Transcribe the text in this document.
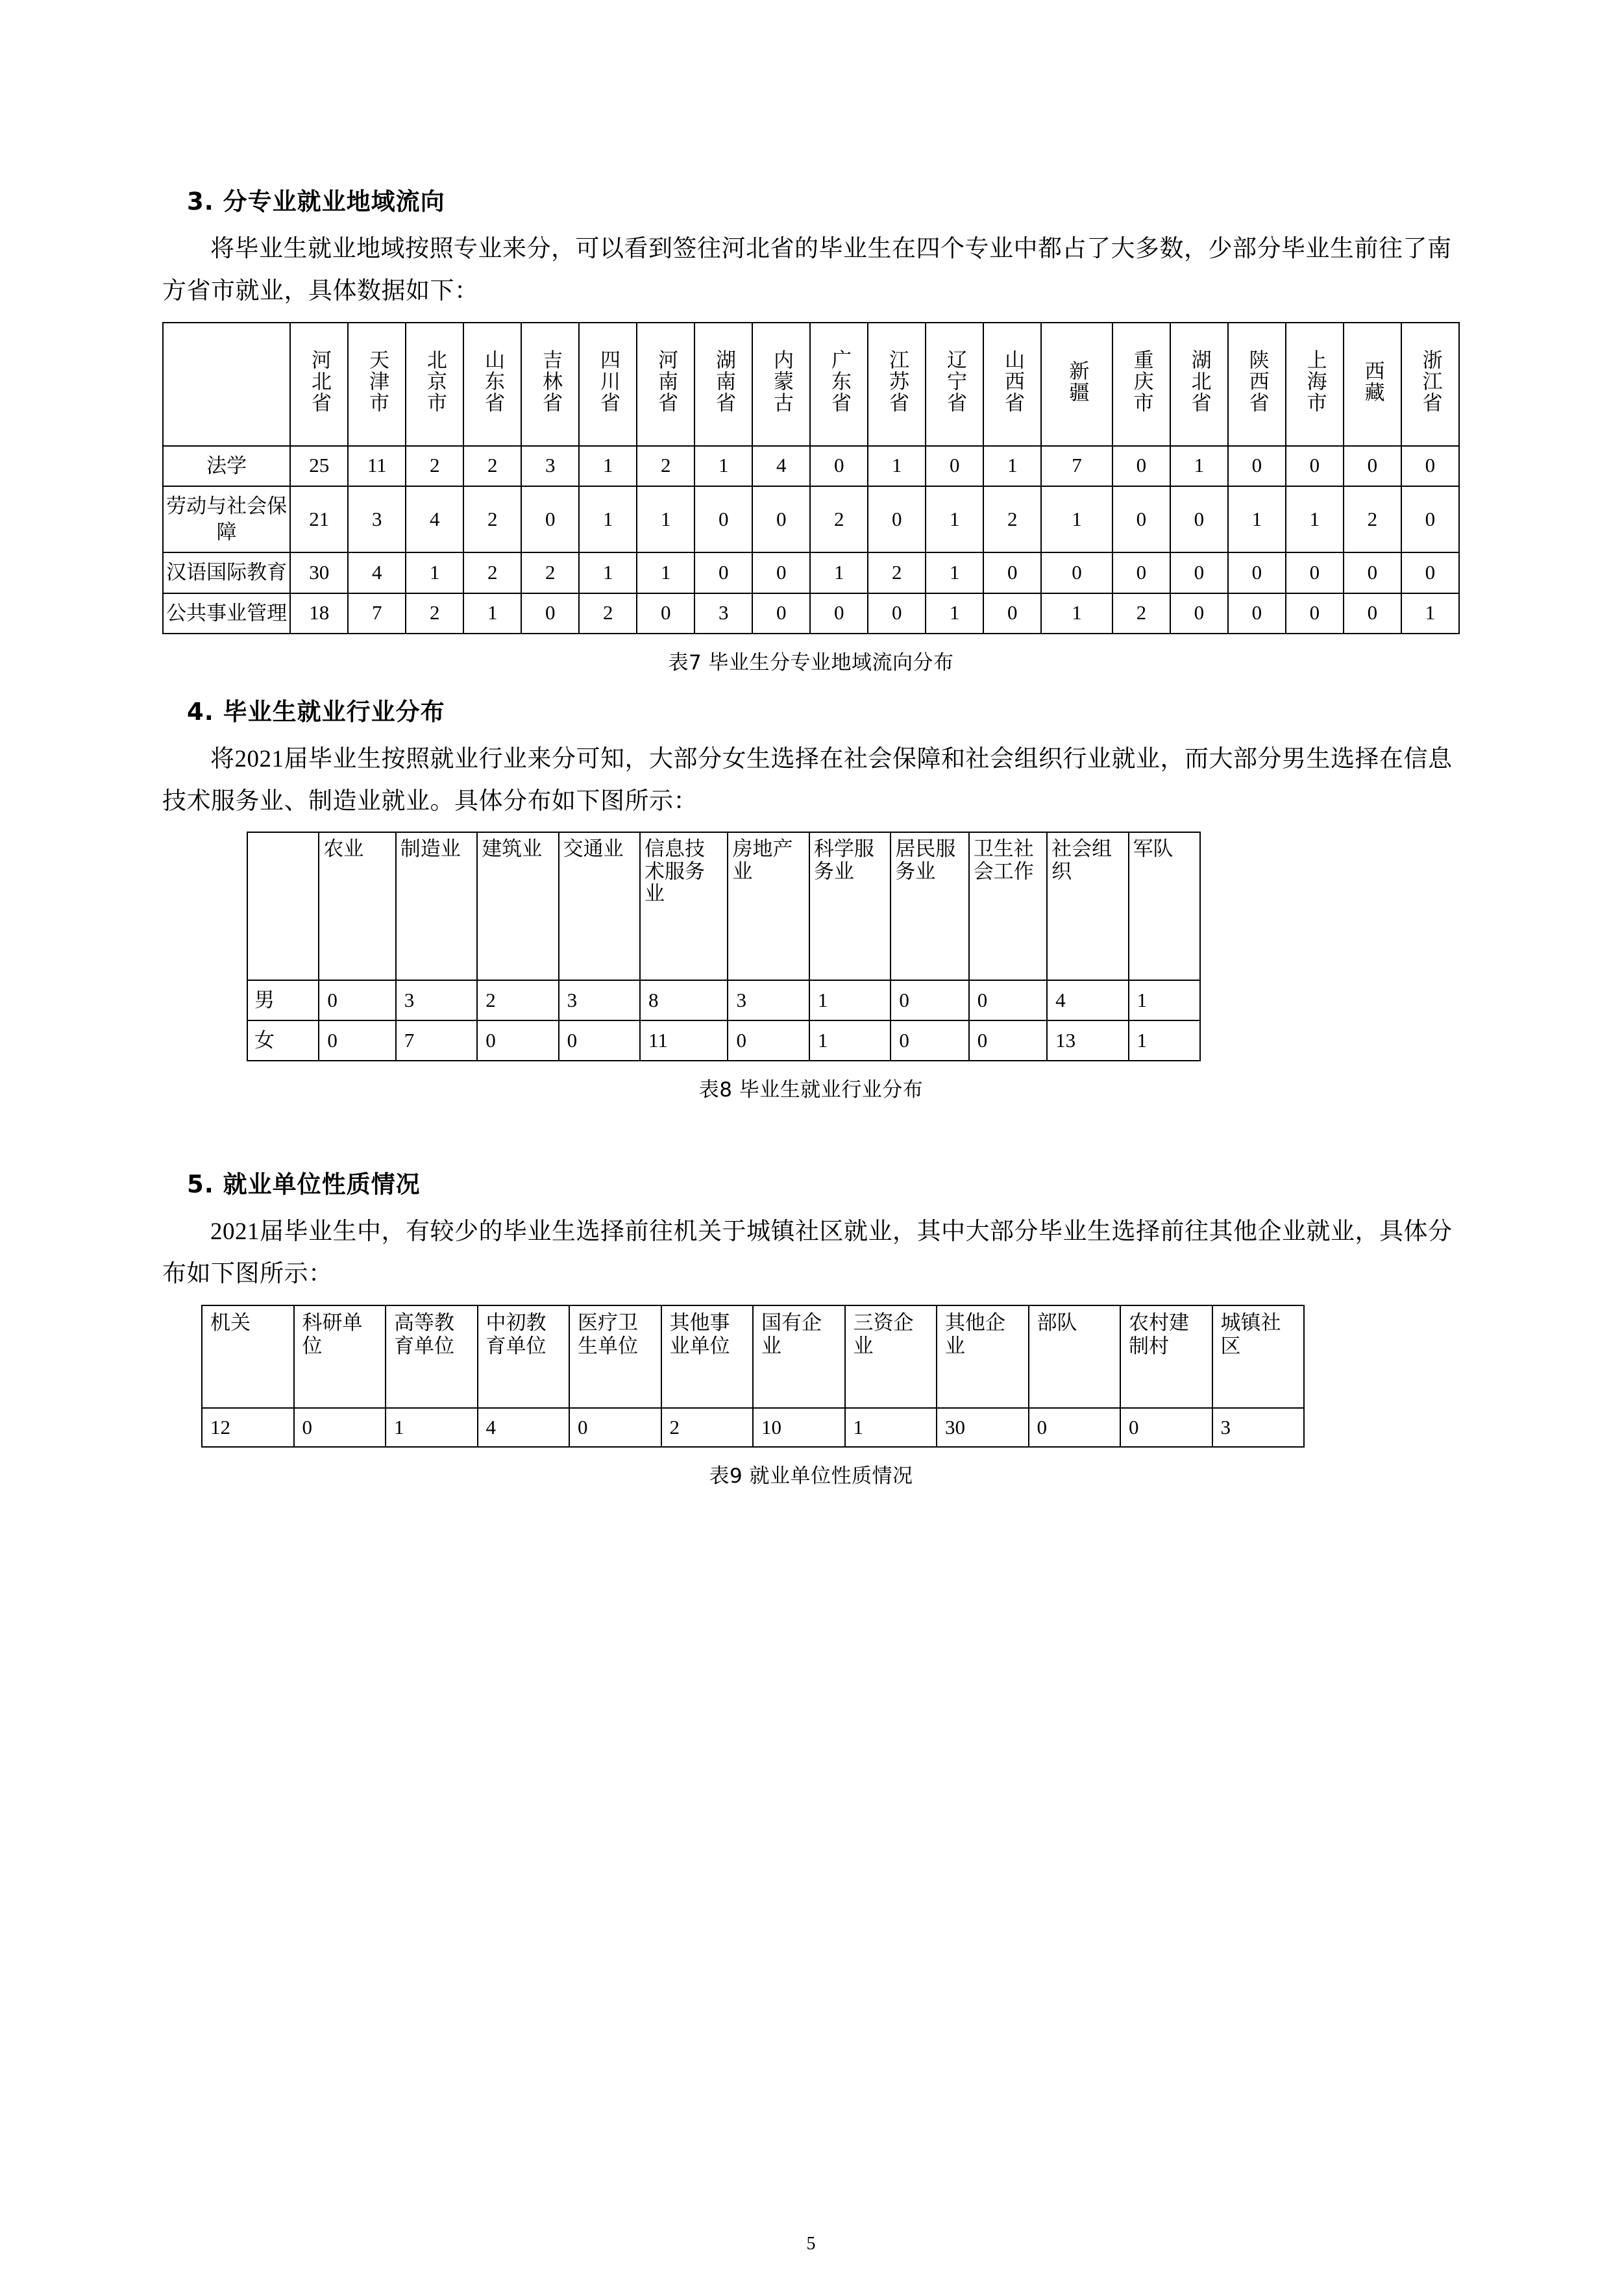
3. 分专业就业地域流向

将毕业生就业地域按照专业来分，可以看到签往河北省的毕业生在四个专业中都占了大多数，少部分毕业生前往了南方省市就业，具体数据如下：

	河北省	天津市	北京市	山东省	吉林省	四川省	河南省	湖南省	内蒙古	广东省	江苏省	辽宁省	山西省	新疆	重庆市	湖北省	陕西省	上海市	西藏	浙江省
法学	25	11	2	2	3	1	2	1	4	0	1	0	1	7	0	1	0	0	0	0
劳动与社会保障	21	3	4	2	0	1	1	0	0	2	0	1	2	1	0	0	1	1	2	0
汉语国际教育	30	4	1	2	2	1	1	0	0	1	2	1	0	0	0	0	0	0	0	0
公共事业管理	18	7	2	1	0	2	0	3	0	0	0	1	0	1	2	0	0	0	0	1
表7 毕业生分专业地域流向分布
4. 毕业生就业行业分布

将2021届毕业生按照就业行业来分可知，大部分女生选择在社会保障和社会组织行业就业，而大部分男生选择在信息技术服务业、制造业就业。具体分布如下图所示：

	农业	制造业	建筑业	交通业	信息技术服务业	房地产业	科学服务业	居民服务业	卫生社会工作	社会组织	军队
男	0	3	2	3	8	3	1	0	0	4	1
女	0	7	0	0	11	0	1	0	0	13	1
表8 毕业生就业行业分布
5. 就业单位性质情况

2021届毕业生中，有较少的毕业生选择前往机关于城镇社区就业，其中大部分毕业生选择前往其他企业就业，具体分布如下图所示：

机关	科研单位	高等教育单位	中初教育单位	医疗卫生单位	其他事业单位	国有企业	三资企业	其他企业	部队	农村建制村	城镇社区
12	0	1	4	0	2	10	1	30	0	0	3
表9 就业单位性质情况
5
